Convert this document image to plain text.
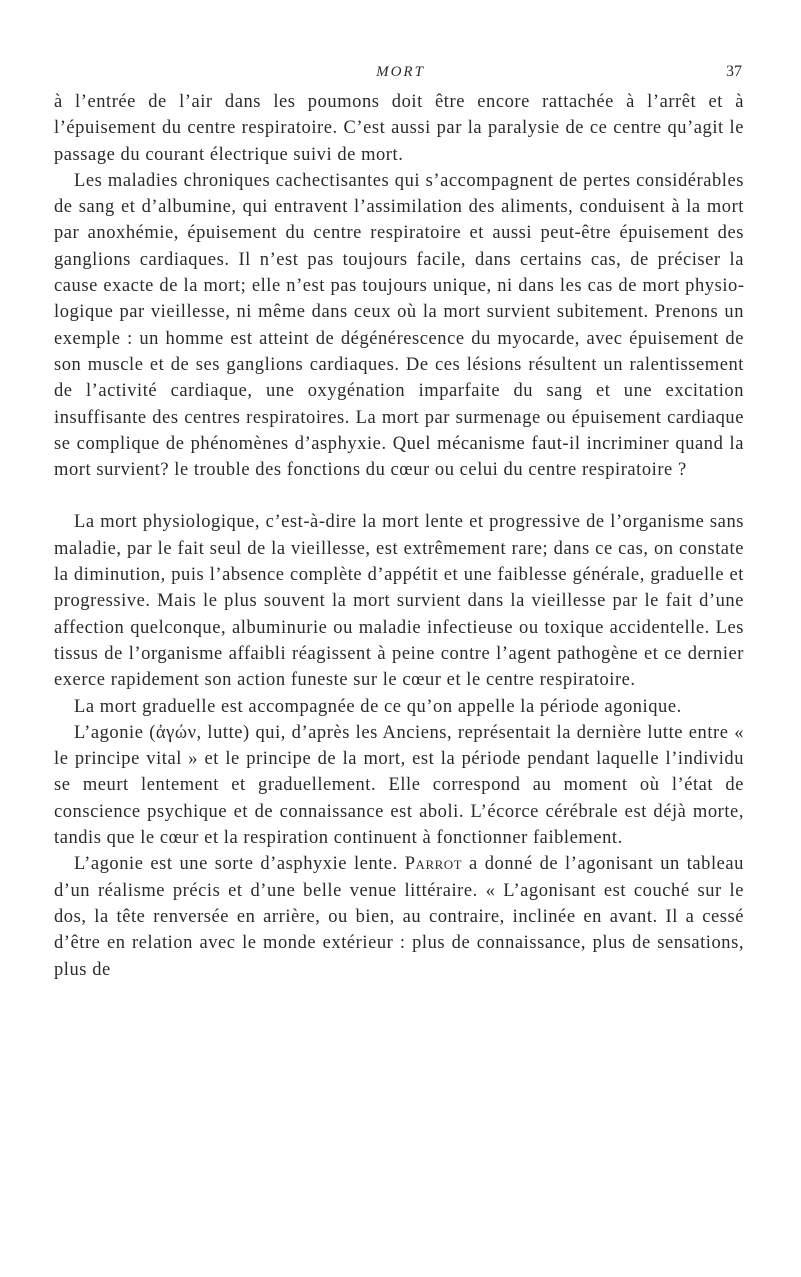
MORT	37

à l’entrée de l’air dans les poumons doit être encore rattachée à l’arrêt et à l’épuisement du centre respiratoire. C’est aussi par la paralysie de ce centre qu’agit le passage du courant électrique suivi de mort.

Les maladies chroniques cachectisantes qui s’accompagnent de pertes considérables de sang et d’albumine, qui entravent l’assimilation des aliments, conduisent à la mort par anoxhémie, épuisement du centre respiratoire et aussi peut-être épuisement des ganglions cardiaques. Il n’est pas toujours facile, dans certains cas, de préciser la cause exacte de la mort; elle n’est pas toujours unique, ni dans les cas de mort physiologique par vieillesse, ni même dans ceux où la mort survient subitement. Prenons un exemple : un homme est atteint de dégénérescence du myocarde, avec épuisement de son muscle et de ses ganglions cardiaques. De ces lésions résultent un ralentissement de l’activité cardiaque, une oxygénation imparfaite du sang et une excitation insuffisante des centres respiratoires. La mort par surmenage ou épuisement cardiaque se complique de phénomènes d’asphyxie. Quel mécanisme faut-il incriminer quand la mort survient? le trouble des fonctions du cœur ou celui du centre respiratoire ?

La mort physiologique, c’est-à-dire la mort lente et progressive de l’organisme sans maladie, par le fait seul de la vieillesse, est extrêmement rare; dans ce cas, on constate la diminution, puis l’absence complète d’appétit et une faiblesse générale, graduelle et progressive. Mais le plus souvent la mort survient dans la vieillesse par le fait d’une affection quelconque, albuminurie ou maladie infectieuse ou toxique accidentelle. Les tissus de l’organisme affaibli réagissent à peine contre l’agent pathogène et ce dernier exerce rapidement son action funeste sur le cœur et le centre respiratoire.

La mort graduelle est accompagnée de ce qu’on appelle la période agonique.

L’agonie (ἀγών, lutte) qui, d’après les Anciens, représentait la dernière lutte entre « le principe vital » et le principe de la mort, est la période pendant laquelle l’individu se meurt lentement et graduellement. Elle correspond au moment où l’état de conscience psychique et de connaissance est aboli. L’écorce cérébrale est déjà morte, tandis que le cœur et la respiration continuent à fonctionner faiblement.

L’agonie est une sorte d’asphyxie lente. Parrot a donné de l’agonisant un tableau d’un réalisme précis et d’une belle venue littéraire. « L’agonisant est couché sur le dos, la tête renversée en arrière, ou bien, au contraire, inclinée en avant. Il a cessé d’être en relation avec le monde extérieur : plus de connaissance, plus de sensations, plus de
